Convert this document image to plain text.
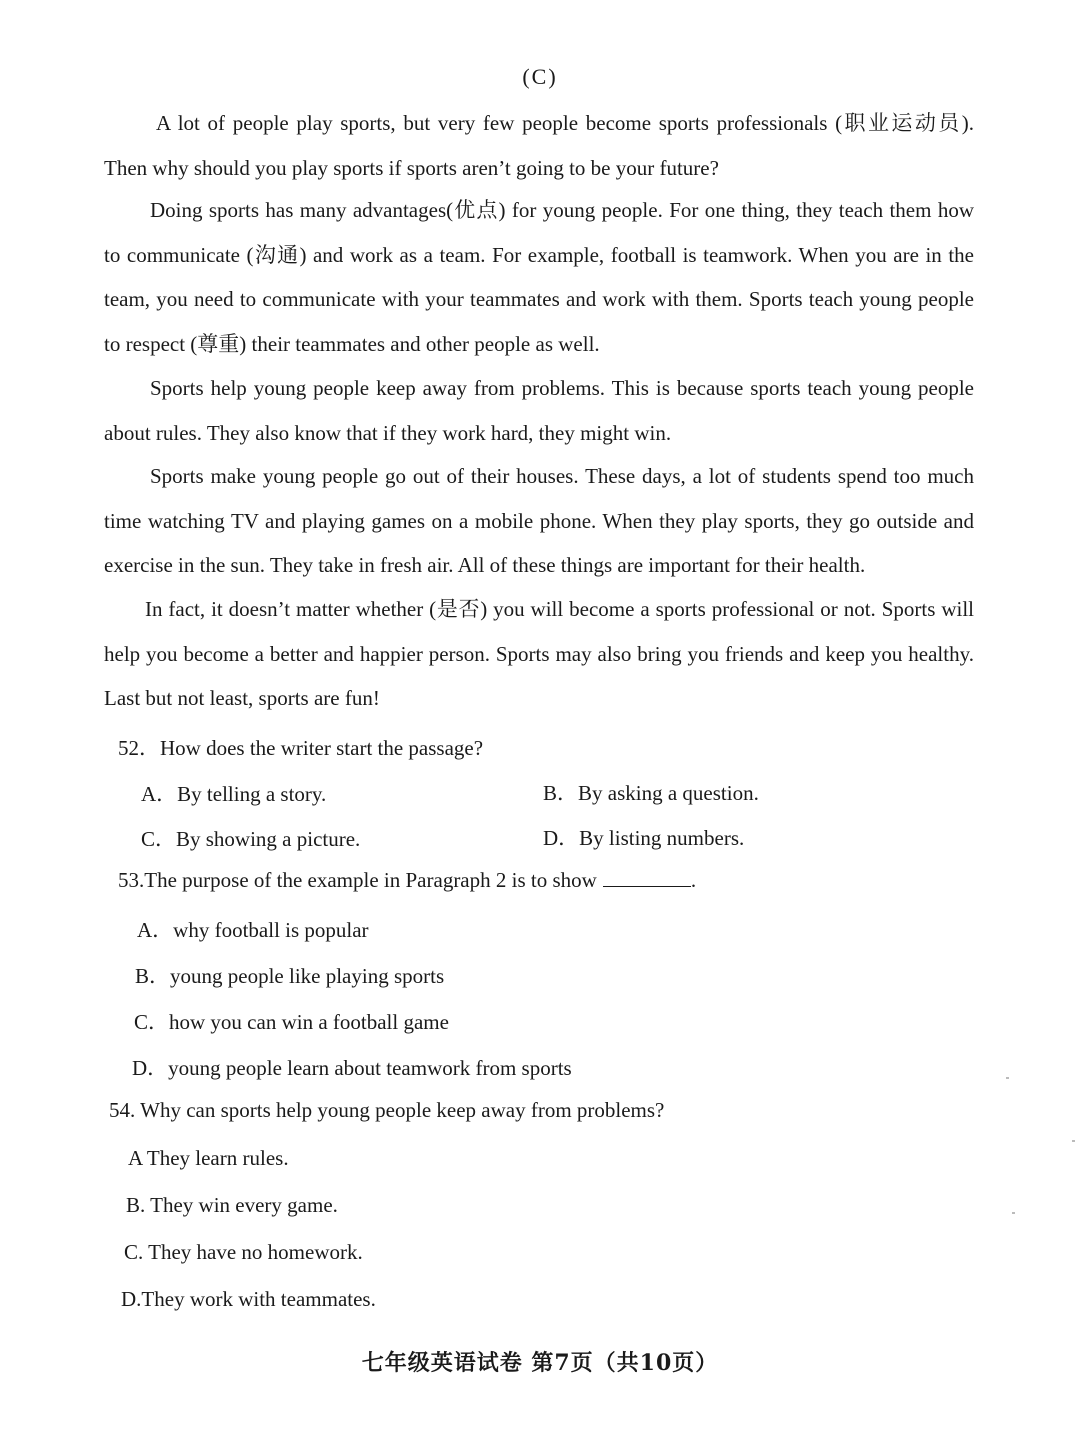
(C)

A lot of people play sports, but very few people become sports professionals (职业运动员). Then why should you play sports if sports aren’t going to be your future?

Doing sports has many advantages(优点) for young people. For one thing, they teach them how to communicate (沟通) and work as a team. For example, football is teamwork. When you are in the team, you need to communicate with your teammates and work with them. Sports teach young people to respect (尊重) their teammates and other people as well.

Sports help young people keep away from problems. This is because sports teach young people about rules. They also know that if they work hard, they might win.

Sports make young people go out of their houses. These days, a lot of students spend too much time watching TV and playing games on a mobile phone. When they play sports, they go outside and exercise in the sun. They take in fresh air. All of these things are important for their health.

In fact, it doesn’t matter whether (是否) you will become a sports professional or not. Sports will help you become a better and happier person. Sports may also bring you friends and keep you healthy. Last but not least, sports are fun!

52．How does the writer start the passage?

A．By telling a story.	B．By asking a question.

C．By showing a picture.	D．By listing numbers.

53.The purpose of the example in Paragraph 2 is to show	.

A．why football is popular

B．young people like playing sports

C．how you can win a football game

D．young people learn about teamwork from sports

54. Why can sports help young people keep away from problems?

A They learn rules.

B. They win every game.

C. They have no homework.

D.They work with teammates.

七年级英语试卷 第7页（共10页）
